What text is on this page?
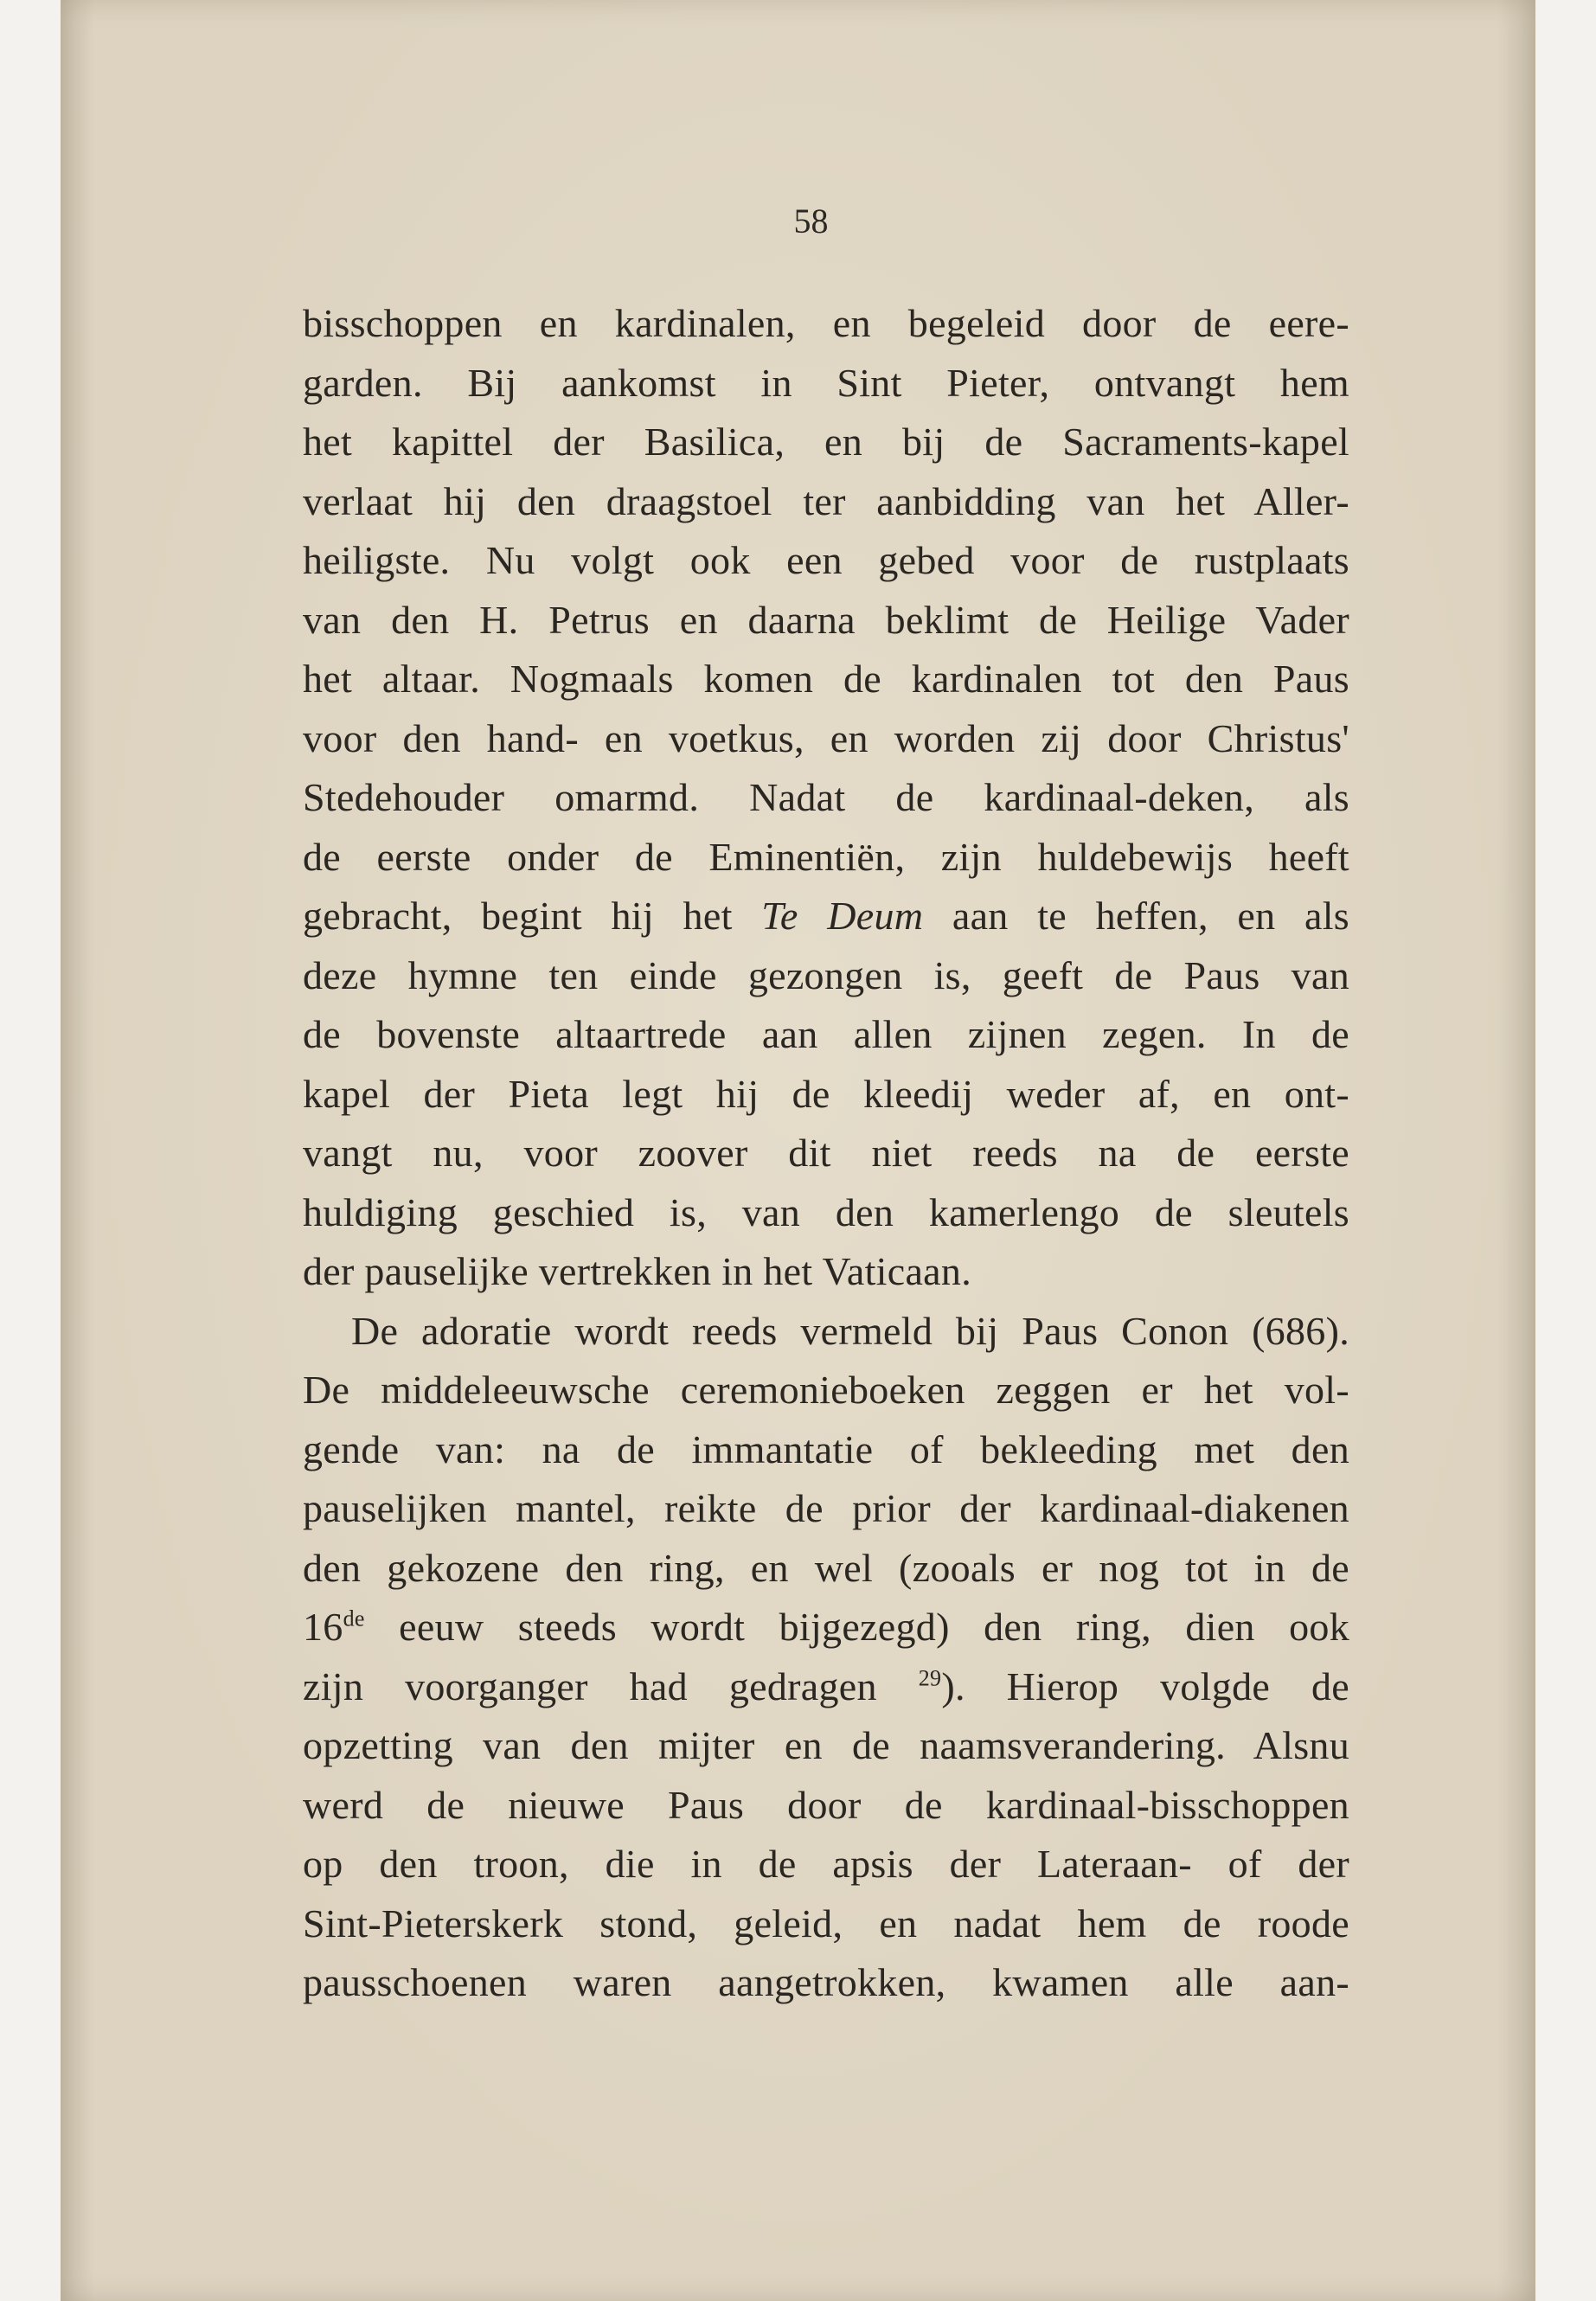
58
bisschoppen en kardinalen, en begeleid door de eere-
garden. Bij aankomst in Sint Pieter, ontvangt hem
het kapittel der Basilica, en bij de Sacraments-kapel
verlaat hij den draagstoel ter aanbidding van het Aller-
heiligste. Nu volgt ook een gebed voor de rustplaats
van den H. Petrus en daarna beklimt de Heilige Vader
het altaar. Nogmaals komen de kardinalen tot den Paus
voor den hand- en voetkus, en worden zij door Christus'
Stedehouder omarmd. Nadat de kardinaal-deken, als
de eerste onder de Eminentiën, zijn huldebewijs heeft
gebracht, begint hij het Te Deum aan te heffen, en als
deze hymne ten einde gezongen is, geeft de Paus van
de bovenste altaartrede aan allen zijnen zegen. In de
kapel der Pieta legt hij de kleedij weder af, en ont-
vangt nu, voor zoover dit niet reeds na de eerste
huldiging geschied is, van den kamerlengo de sleutels
der pauselijke vertrekken in het Vaticaan.
De adoratie wordt reeds vermeld bij Paus Conon (686).
De middeleeuwsche ceremonieboeken zeggen er het vol-
gende van: na de immantatie of bekleeding met den
pauselijken mantel, reikte de prior der kardinaal-diakenen
den gekozene den ring, en wel (zooals er nog tot in de
16de eeuw steeds wordt bijgezegd) den ring, dien ook
zijn voorganger had gedragen $^{29}$). Hierop volgde de
opzetting van den mijter en de naamsverandering. Alsnu
werd de nieuwe Paus door de kardinaal-bisschoppen
op den troon, die in de apsis der Lateraan- of der
Sint-Pieterskerk stond, geleid, en nadat hem de roode
pausschoenen waren aangetrokken, kwamen alle aan-
